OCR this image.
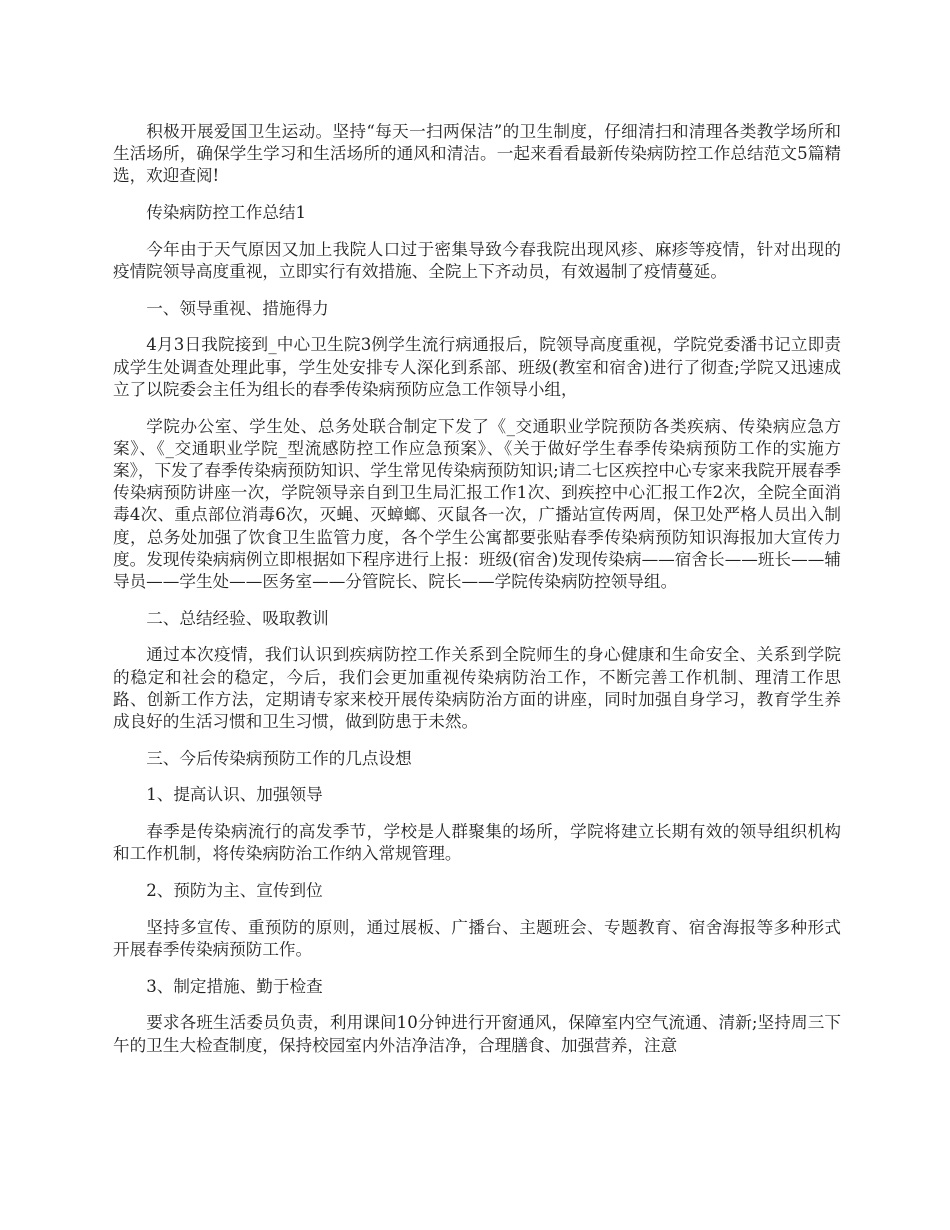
积极开展爱国卫生运动。坚持“每天一扫两保洁”的卫生制度，仔细清扫和清理各类教学场所和生活场所，确保学生学习和生活场所的通风和清洁。一起来看看最新传染病防控工作总结范文5篇精选，欢迎查阅!

传染病防控工作总结1

今年由于天气原因又加上我院人口过于密集导致今春我院出现风疹、麻疹等疫情，针对出现的疫情院领导高度重视，立即实行有效措施、全院上下齐动员，有效遏制了疫情蔓延。

一、领导重视、措施得力

4月3日我院接到_中心卫生院3例学生流行病通报后，院领导高度重视，学院党委潘书记立即责成学生处调查处理此事，学生处安排专人深化到系部、班级(教室和宿舍)进行了彻查;学院又迅速成立了以院委会主任为组长的春季传染病预防应急工作领导小组，

学院办公室、学生处、总务处联合制定下发了《_交通职业学院预防各类疾病、传染病应急方案》、《_交通职业学院_型流感防控工作应急预案》、《关于做好学生春季传染病预防工作的实施方案》，下发了春季传染病预防知识、学生常见传染病预防知识;请二七区疾控中心专家来我院开展春季传染病预防讲座一次，学院领导亲自到卫生局汇报工作1次、到疾控中心汇报工作2次，全院全面消毒4次、重点部位消毒6次，灭蝇、灭蟑螂、灭鼠各一次，广播站宣传两周，保卫处严格人员出入制度，总务处加强了饮食卫生监管力度，各个学生公寓都要张贴春季传染病预防知识海报加大宣传力度。发现传染病病例立即根据如下程序进行上报：班级(宿舍)发现传染病——宿舍长——班长——辅导员——学生处——医务室——分管院长、院长——学院传染病防控领导组。

二、总结经验、吸取教训

通过本次疫情，我们认识到疾病防控工作关系到全院师生的身心健康和生命安全、关系到学院的稳定和社会的稳定，今后，我们会更加重视传染病防治工作，不断完善工作机制、理清工作思路、创新工作方法，定期请专家来校开展传染病防治方面的讲座，同时加强自身学习，教育学生养成良好的生活习惯和卫生习惯，做到防患于未然。

三、今后传染病预防工作的几点设想

1、提高认识、加强领导

春季是传染病流行的高发季节，学校是人群聚集的场所，学院将建立长期有效的领导组织机构和工作机制，将传染病防治工作纳入常规管理。

2、预防为主、宣传到位

坚持多宣传、重预防的原则，通过展板、广播台、主题班会、专题教育、宿舍海报等多种形式开展春季传染病预防工作。

3、制定措施、勤于检查

要求各班生活委员负责，利用课间10分钟进行开窗通风，保障室内空气流通、清新;坚持周三下午的卫生大检查制度，保持校园室内外洁净洁净，合理膳食、加强营养，注意
